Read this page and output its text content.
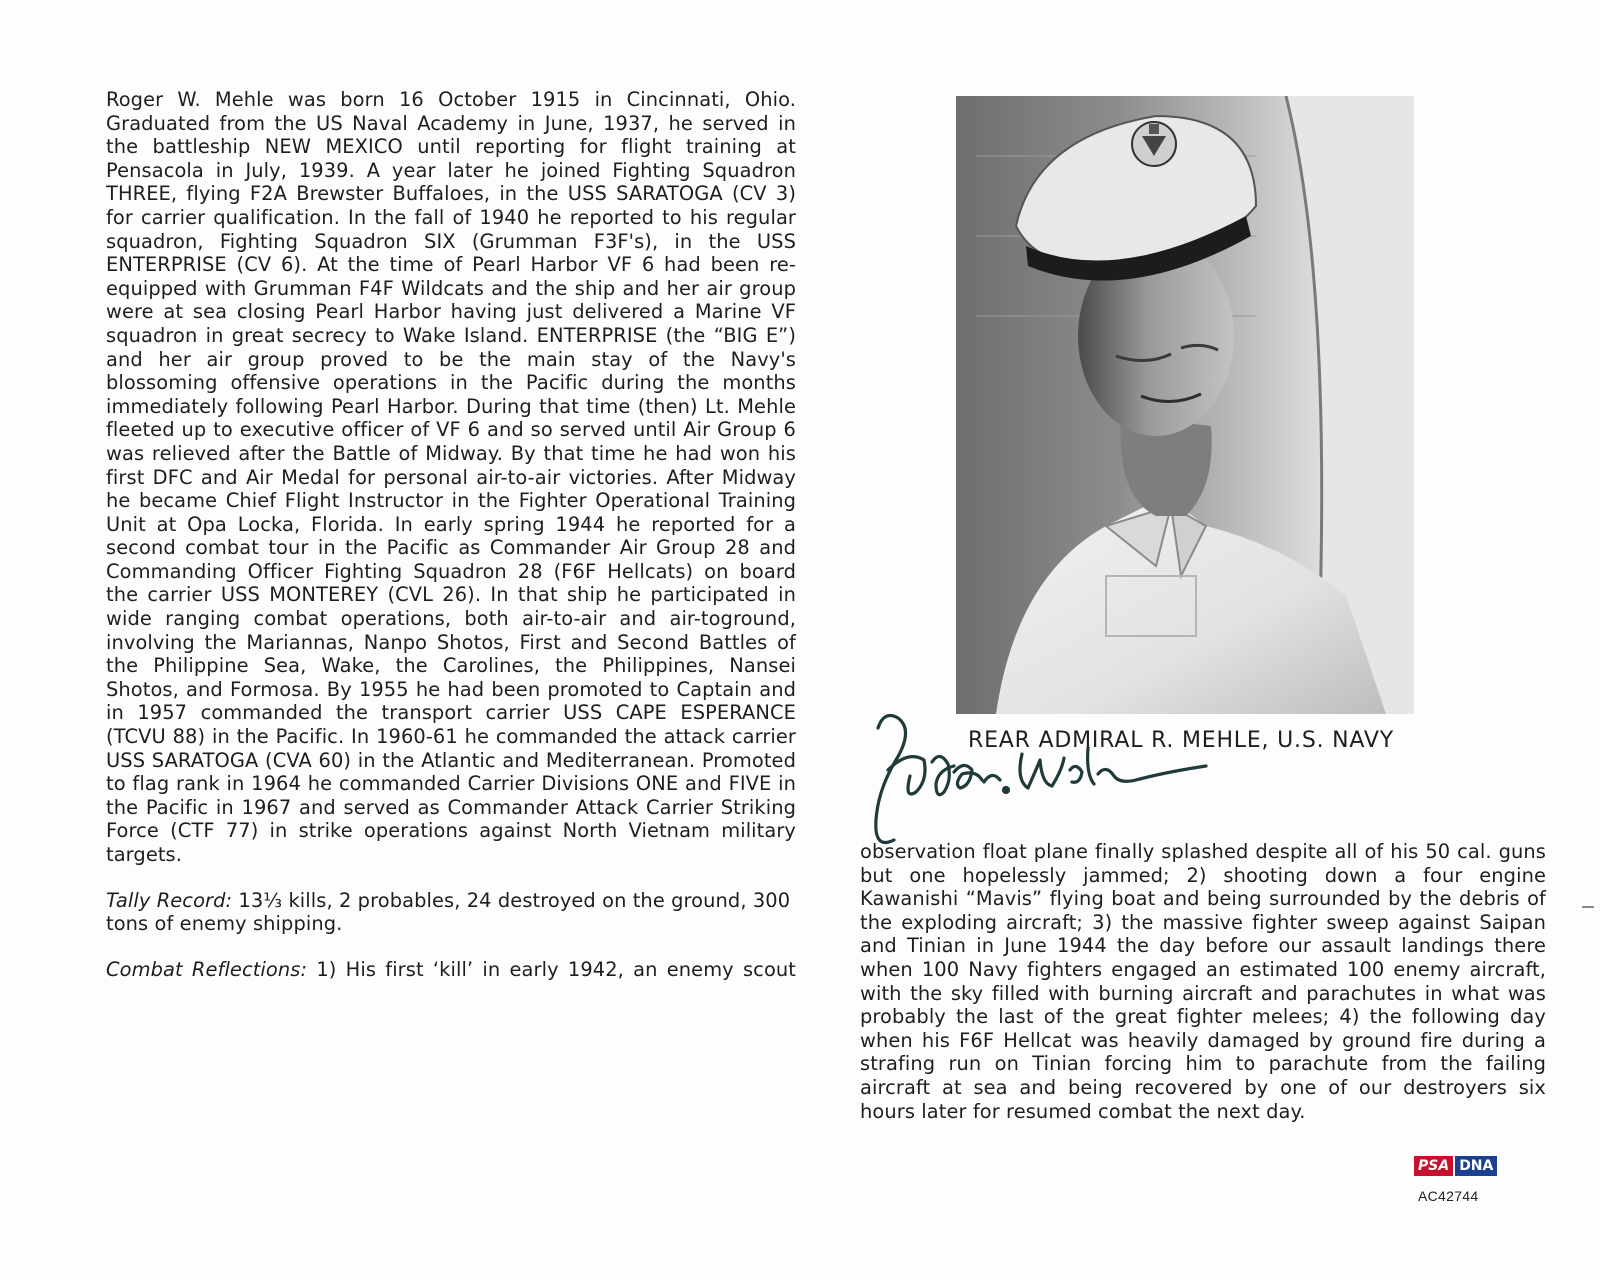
Roger W. Mehle was born 16 October 1915 in Cincinnati, Ohio. Graduated from the US Naval Academy in June, 1937, he served in the battleship NEW MEXICO until reporting for flight training at Pensacola in July, 1939. A year later he joined Fighting Squadron THREE, flying F2A Brewster Buffaloes, in the USS SARATOGA (CV 3) for carrier qualification. In the fall of 1940 he reported to his regular squadron, Fighting Squadron SIX (Grumman F3F's), in the USS ENTERPRISE (CV 6). At the time of Pearl Harbor VF 6 had been re-equipped with Grumman F4F Wildcats and the ship and her air group were at sea closing Pearl Harbor having just delivered a Marine VF squadron in great secrecy to Wake Island. ENTERPRISE (the “BIG E”) and her air group proved to be the main stay of the Navy's blossoming offensive operations in the Pacific during the months immediately following Pearl Harbor. During that time (then) Lt. Mehle fleeted up to executive officer of VF 6 and so served until Air Group 6 was relieved after the Battle of Midway. By that time he had won his first DFC and Air Medal for personal air-to-air victories. After Midway he became Chief Flight Instructor in the Fighter Operational Training Unit at Opa Locka, Florida. In early spring 1944 he reported for a second combat tour in the Pacific as Commander Air Group 28 and Commanding Officer Fighting Squadron 28 (F6F Hellcats) on board the carrier USS MONTEREY (CVL 26). In that ship he participated in wide ranging combat operations, both air-to-air and air-toground, involving the Mariannas, Nanpo Shotos, First and Second Battles of the Philippine Sea, Wake, the Carolines, the Philippines, Nansei Shotos, and Formosa. By 1955 he had been promoted to Captain and in 1957 commanded the transport carrier USS CAPE ESPERANCE (TCVU 88) in the Pacific. In 1960-61 he commanded the attack carrier USS SARATOGA (CVA 60) in the Atlantic and Mediterranean. Promoted to flag rank in 1964 he commanded Carrier Divisions ONE and FIVE in the Pacific in 1967 and served as Commander Attack Carrier Striking Force (CTF 77) in strike operations against North Vietnam military targets.

Tally Record: 13⅓ kills, 2 probables, 24 destroyed on the ground, 300 tons of enemy shipping.

Combat Reflections: 1) His first ‘kill’ in early 1942, an enemy scout

REAR ADMIRAL R. MEHLE, U.S. NAVY

observation float plane finally splashed despite all of his 50 cal. guns but one hopelessly jammed; 2) shooting down a four engine Kawanishi “Mavis” flying boat and being surrounded by the debris of the exploding aircraft; 3) the massive fighter sweep against Saipan and Tinian in June 1944 the day before our assault landings there when 100 Navy fighters engaged an estimated 100 enemy aircraft, with the sky filled with burning aircraft and parachutes in what was probably the last of the great fighter melees; 4) the following day when his F6F Hellcat was heavily damaged by ground fire during a strafing run on Tinian forcing him to parachute from the failing aircraft at sea and being recovered by one of our destroyers six hours later for resumed combat the next day.

PSA DNA
AC42744
